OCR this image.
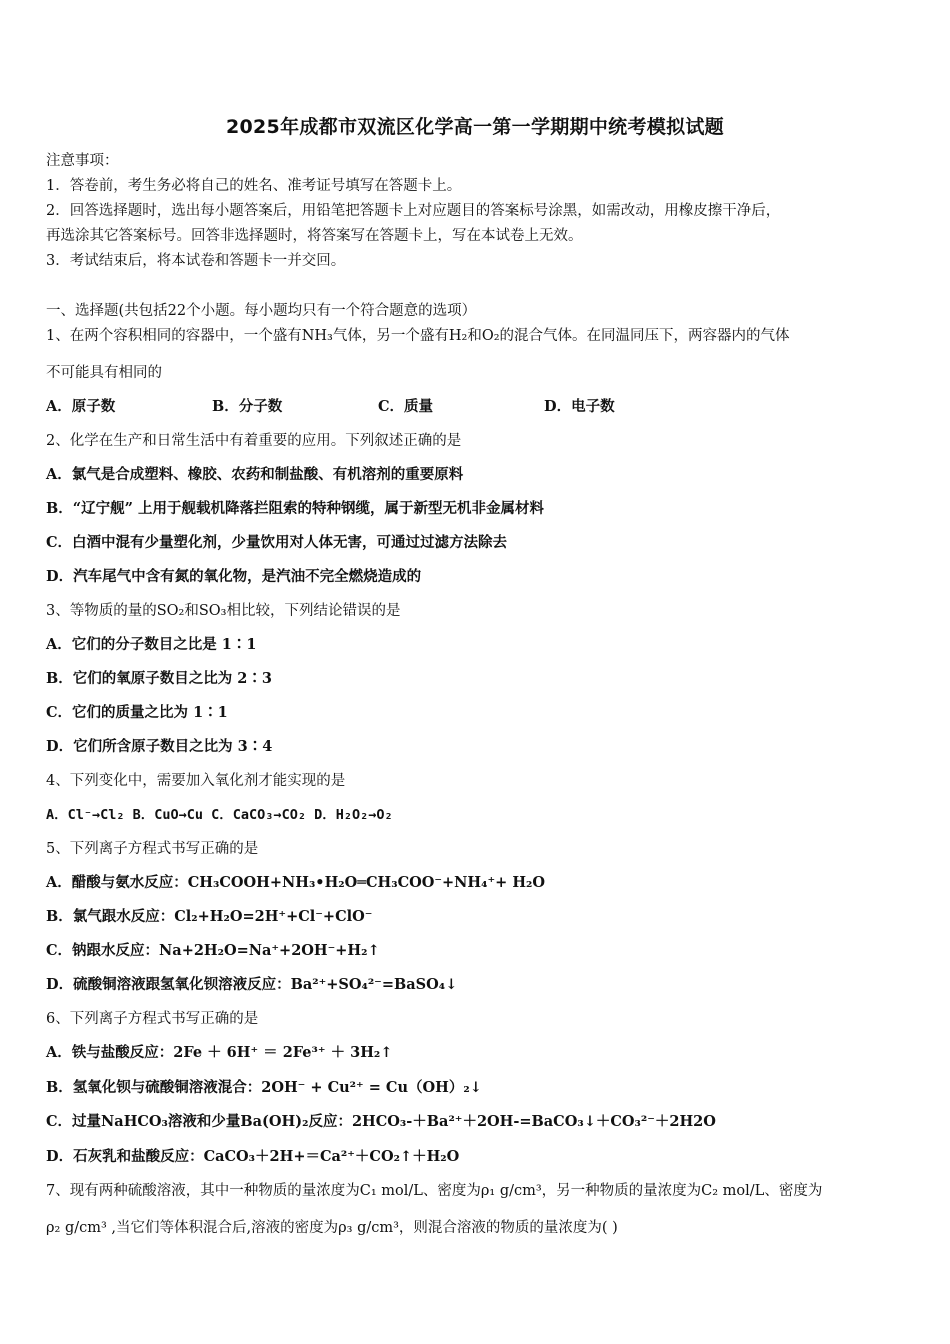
2025年成都市双流区化学高一第一学期期中统考模拟试题
注意事项：
1．答卷前，考生务必将自己的姓名、准考证号填写在答题卡上。
2．回答选择题时，选出每小题答案后，用铅笔把答题卡上对应题目的答案标号涂黑，如需改动，用橡皮擦干净后，
再选涂其它答案标号。回答非选择题时，将答案写在答题卡上，写在本试卷上无效。
3．考试结束后，将本试卷和答题卡一并交回。
一、选择题(共包括22个小题。每小题均只有一个符合题意的选项）
1、在两个容积相同的容器中，一个盛有NH₃气体，另一个盛有H₂和O₂的混合气体。在同温同压下，两容器内的气体
不可能具有相同的
A．原子数	B．分子数	C．质量	D．电子数
2、化学在生产和日常生活中有着重要的应用。下列叙述正确的是
A．氯气是合成塑料、橡胶、农药和制盐酸、有机溶剂的重要原料
B．“辽宁舰” 上用于舰载机降落拦阻索的特种钢缆，属于新型无机非金属材料
C．白酒中混有少量塑化剂，少量饮用对人体无害，可通过过滤方法除去
D．汽车尾气中含有氮的氧化物，是汽油不完全燃烧造成的
3、等物质的量的SO₂和SO₃相比较，下列结论错误的是
A．它们的分子数目之比是 1∶1
B．它们的氧原子数目之比为 2∶3
C．它们的质量之比为 1∶1
D．它们所含原子数目之比为 3∶4
4、下列变化中，需要加入氧化剂才能实现的是
A．Cl⁻→Cl₂ B．CuO→Cu C．CaCO₃→CO₂ D．H₂O₂→O₂
5、下列离子方程式书写正确的是
A．醋酸与氨水反应：CH₃COOH+NH₃•H₂O═CH₃COO⁻+NH₄⁺+ H₂O
B．氯气跟水反应：Cl₂+H₂O=2H⁺+Cl⁻+ClO⁻
C．钠跟水反应：Na+2H₂O=Na⁺+2OH⁻+H₂↑
D．硫酸铜溶液跟氢氧化钡溶液反应：Ba²⁺+SO₄²⁻=BaSO₄↓
6、下列离子方程式书写正确的是
A．铁与盐酸反应：2Fe ＋ 6H⁺ ＝ 2Fe³⁺ ＋ 3H₂↑
B．氢氧化钡与硫酸铜溶液混合：2OH⁻ + Cu²⁺ = Cu（OH）₂↓
C．过量NaHCO₃溶液和少量Ba(OH)₂反应：2HCO₃-＋Ba²⁺＋2OH-=BaCO₃↓＋CO₃²⁻＋2H2O
D．石灰乳和盐酸反应：CaCO₃＋2H+＝Ca²⁺＋CO₂↑＋H₂O
7、现有两种硫酸溶液，其中一种物质的量浓度为C₁ mol/L、密度为ρ₁ g/cm³，另一种物质的量浓度为C₂ mol/L、密度为
ρ₂ g/cm³ ,当它们等体积混合后,溶液的密度为ρ₃ g/cm³，则混合溶液的物质的量浓度为( )
